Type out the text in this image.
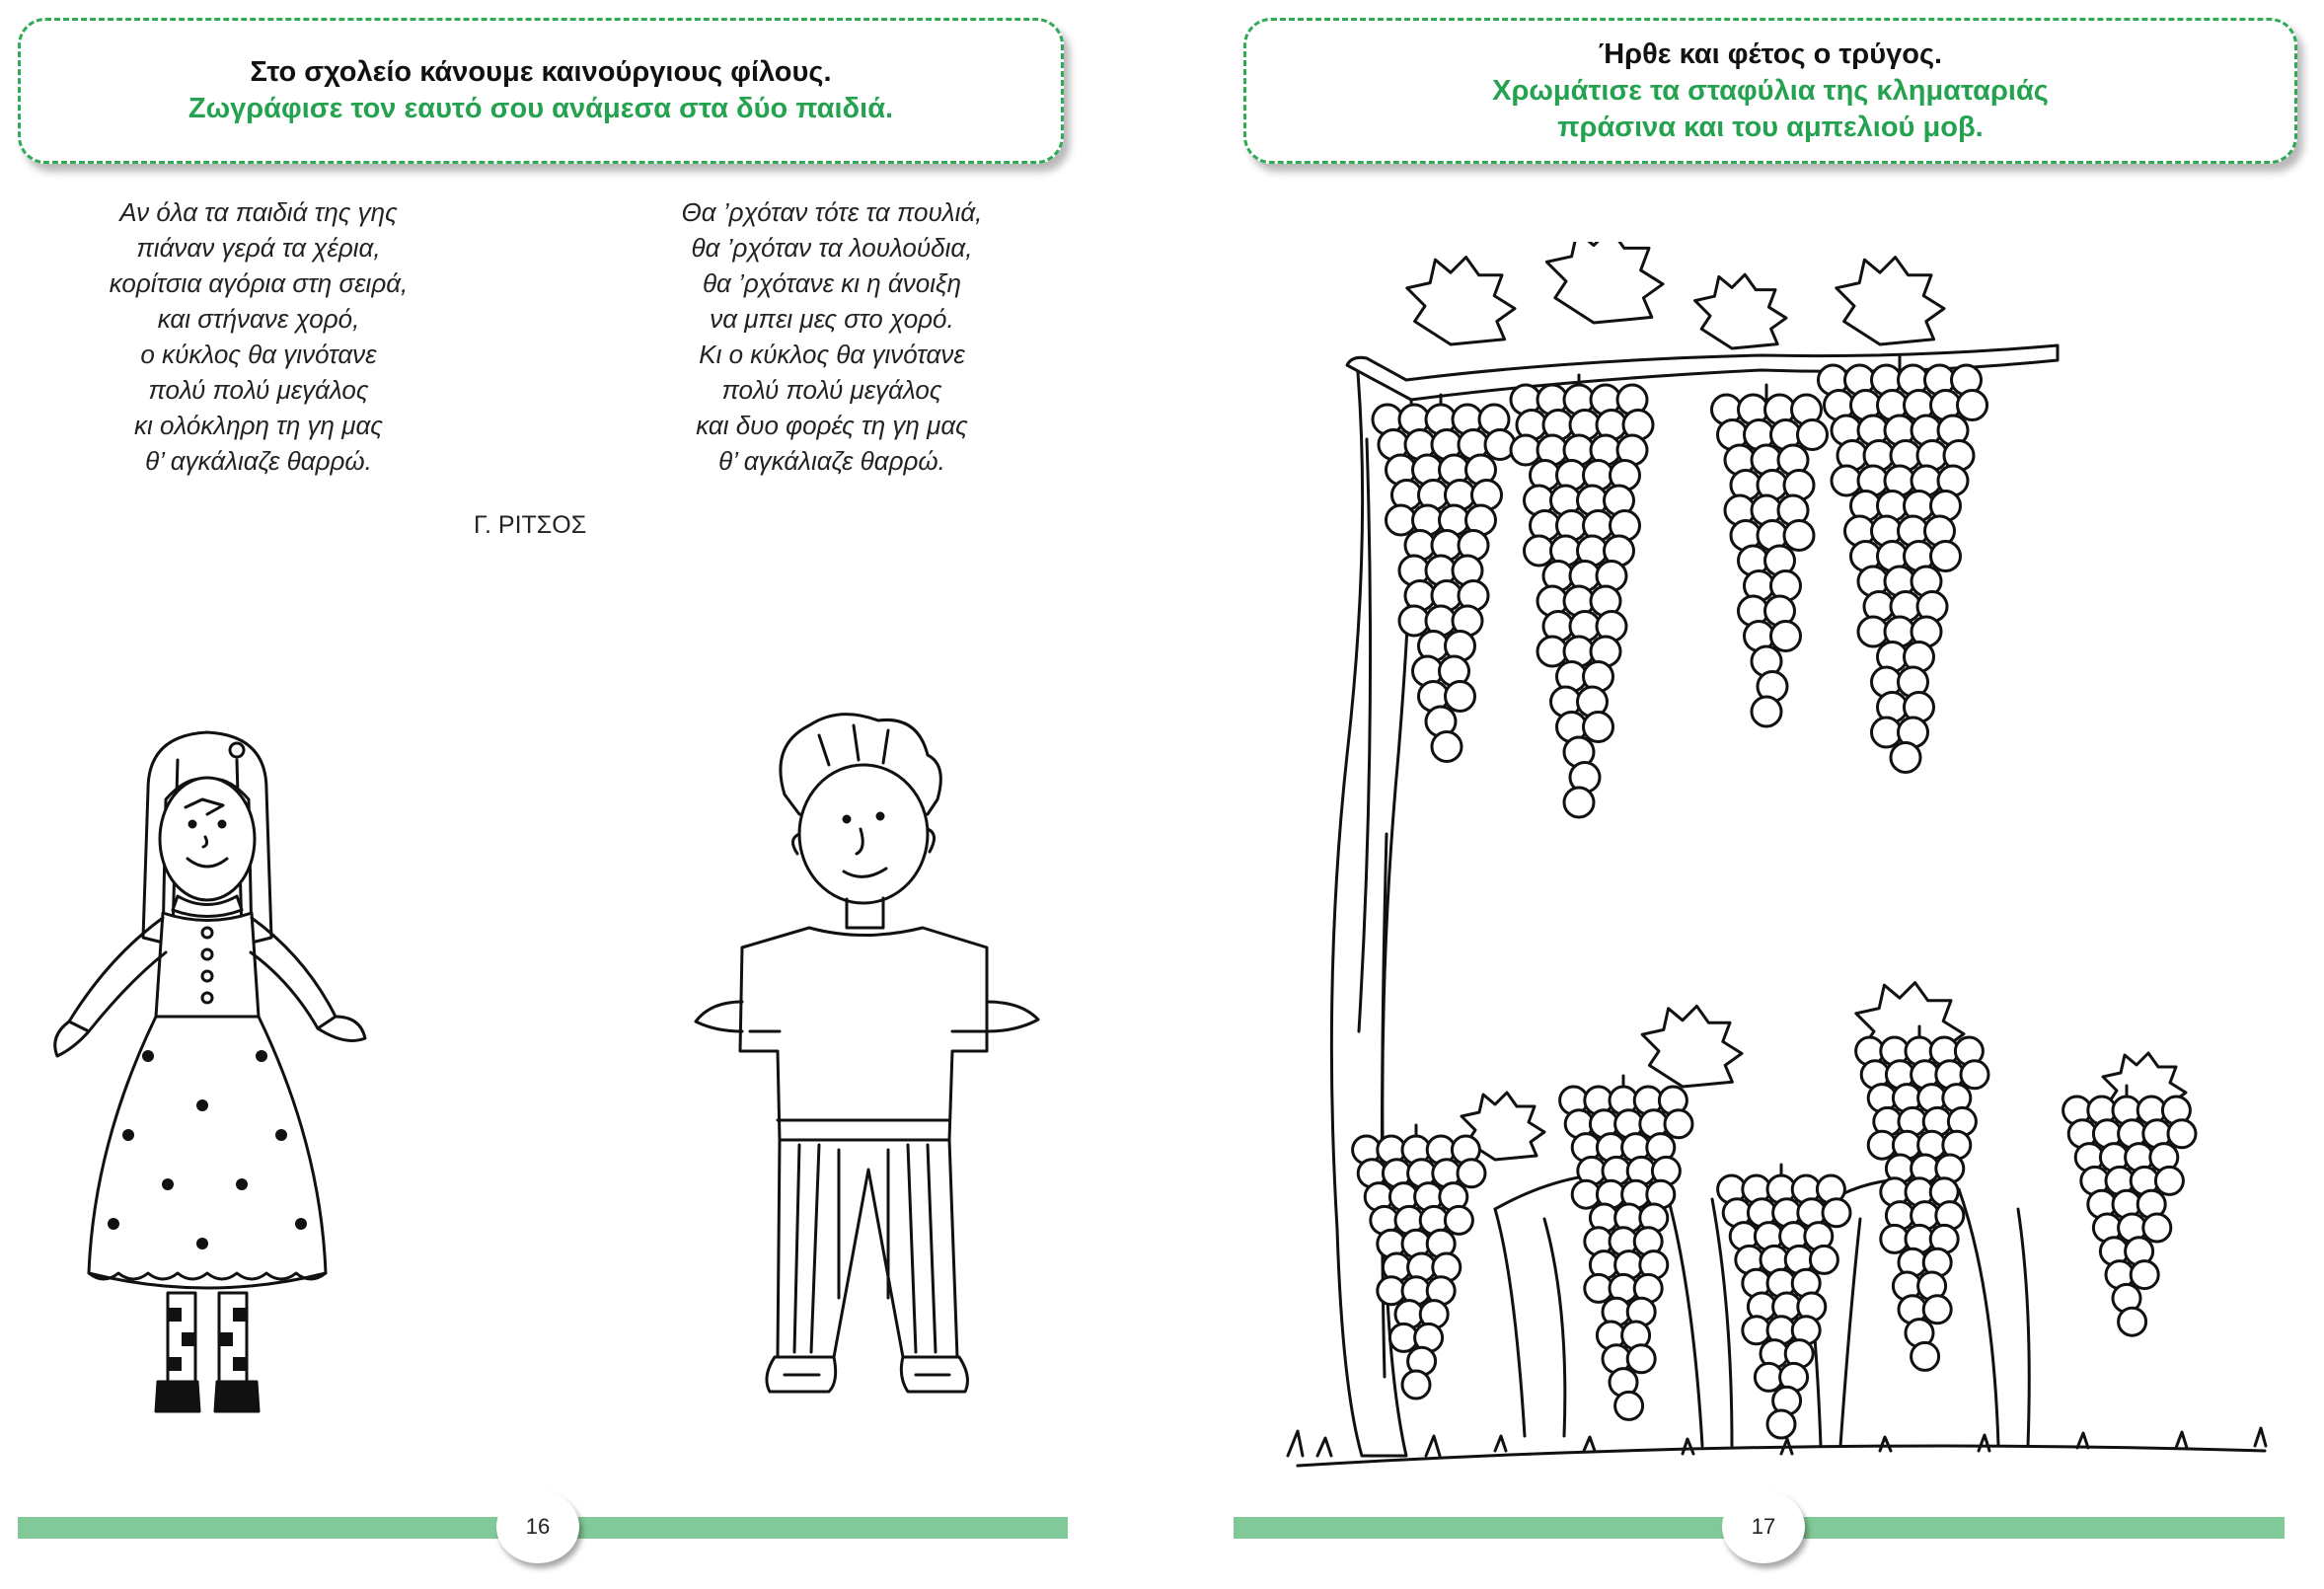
Στο σχολείο κάνουμε καινούργιους φίλους.
Ζωγράφισε τον εαυτό σου ανάμεσα στα δύο παιδιά.
Αν όλα τα παιδιά της γης
πιάναν γερά τα χέρια,
κορίτσια αγόρια στη σειρά,
και στήνανε χορό,
ο κύκλος θα γινότανε
πολύ πολύ μεγάλος
κι ολόκληρη τη γη μας
θ’ αγκάλιαζε θαρρώ.
Θα ’ρχόταν τότε τα πουλιά,
θα ’ρχόταν τα λουλούδια,
θα ’ρχότανε κι η άνοιξη
να μπει μες στο χορό.
Κι ο κύκλος θα γινότανε
πολύ πολύ μεγάλος
και δυο φορές τη γη μας
θ’ αγκάλιαζε θαρρώ.
Γ. ΡΙΤΣΟΣ
16
Ήρθε και φέτος ο τρύγος.
Χρωμάτισε τα σταφύλια της κληματαριάς
πράσινα και του αμπελιού μοβ.
17
